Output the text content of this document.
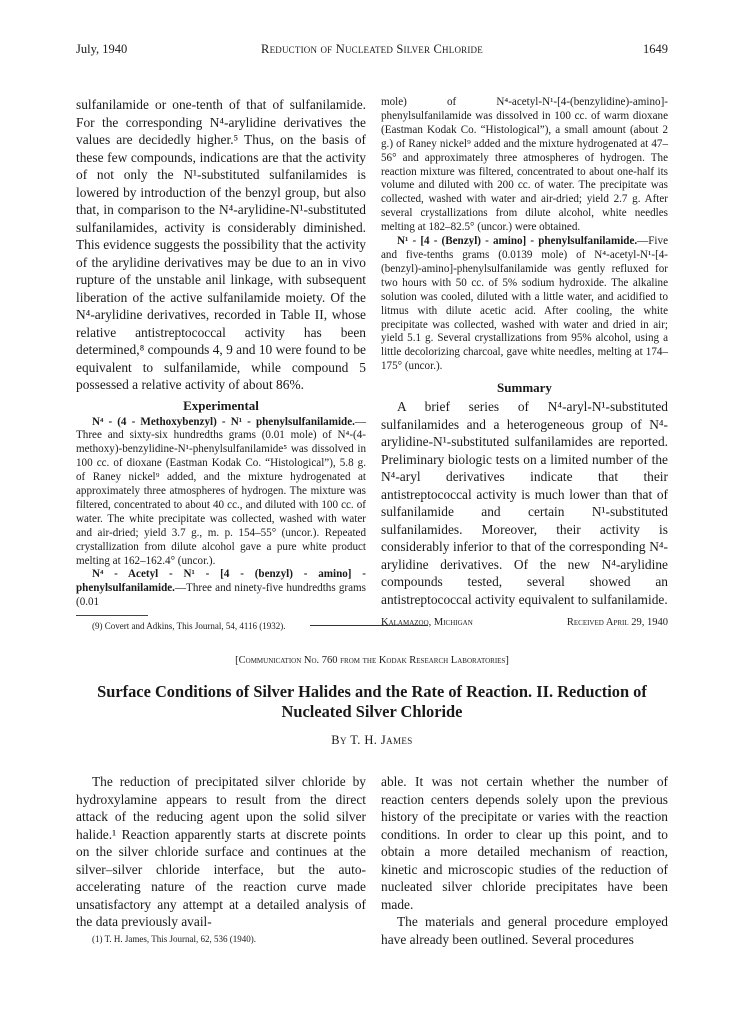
July, 1940	Reduction of Nucleated Silver Chloride	1649

sulfanilamide or one-tenth of that of sulfanilamide. For the corresponding N⁴-arylidine derivatives the values are decidedly higher.⁵ Thus, on the basis of these few compounds, indications are that the activity of not only the N¹-substituted sulfanilamides is lowered by introduction of the benzyl group, but also that, in comparison to the N⁴-arylidine-N¹-substituted sulfanilamides, activity is considerably diminished. This evidence suggests the possibility that the activity of the arylidine derivatives may be due to an in vivo rupture of the unstable anil linkage, with subsequent liberation of the active sulfanilamide moiety. Of the N⁴-arylidine derivatives, recorded in Table II, whose relative antistreptococcal activity has been determined,⁸ compounds 4, 9 and 10 were found to be equivalent to sulfanilamide, while compound 5 possessed a relative activity of about 86%.

Experimental

N⁴ - (4 - Methoxybenzyl) - N¹ - phenylsulfanilamide.—Three and sixty-six hundredths grams (0.01 mole) of N⁴-(4-methoxy)-benzylidine-N¹-phenylsulfanilamide⁵ was dissolved in 100 cc. of dioxane (Eastman Kodak Co. “Histological”), 5.8 g. of Raney nickel⁹ added, and the mixture hydrogenated at approximately three atmospheres of hydrogen. The mixture was filtered, concentrated to about 40 cc., and diluted with 100 cc. of water. The white precipitate was collected, washed with water and air-dried; yield 3.7 g., m. p. 154–55° (uncor.). Repeated crystallization from dilute alcohol gave a pure white product melting at 162–162.4° (uncor.).

N⁴ - Acetyl - N¹ - [4 - (benzyl) - amino] - phenylsulfanilamide.—Three and ninety-five hundredths grams (0.01

(9) Covert and Adkins, This Journal, 54, 4116 (1932).

mole) of N⁴-acetyl-N¹-[4-(benzylidine)-amino]-phenylsulfanilamide was dissolved in 100 cc. of warm dioxane (Eastman Kodak Co. “Histological”), a small amount (about 2 g.) of Raney nickel⁹ added and the mixture hydrogenated at 47–56° and approximately three atmospheres of hydrogen. The reaction mixture was filtered, concentrated to about one-half its volume and diluted with 200 cc. of water. The precipitate was collected, washed with water and air-dried; yield 2.7 g. After several crystallizations from dilute alcohol, white needles melting at 182–82.5° (uncor.) were obtained.

N¹ - [4 - (Benzyl) - amino] - phenylsulfanilamide.—Five and five-tenths grams (0.0139 mole) of N⁴-acetyl-N¹-[4-(benzyl)-amino]-phenylsulfanilamide was gently refluxed for two hours with 50 cc. of 5% sodium hydroxide. The alkaline solution was cooled, diluted with a little water, and acidified to litmus with dilute acetic acid. After cooling, the white precipitate was collected, washed with water and dried in air; yield 5.1 g. Several crystallizations from 95% alcohol, using a little decolorizing charcoal, gave white needles, melting at 174–175° (uncor.).

Summary

A brief series of N⁴-aryl-N¹-substituted sulfanilamides and a heterogeneous group of N⁴-arylidine-N¹-substituted sulfanilamides are reported. Preliminary biologic tests on a limited number of the N⁴-aryl derivatives indicate that their antistreptococcal activity is much lower than that of sulfanilamide and certain N¹-substituted sulfanilamides. Moreover, their activity is considerably inferior to that of the corresponding N⁴-arylidine derivatives. Of the new N⁴-arylidine compounds tested, several showed an antistreptococcal activity equivalent to sulfanilamide.

Kalamazoo, Michigan	Received April 29, 1940
[Communication No. 760 from the Kodak Research Laboratories]
Surface Conditions of Silver Halides and the Rate of Reaction. II. Reduction of
Nucleated Silver Chloride
By T. H. James

The reduction of precipitated silver chloride by hydroxylamine appears to result from the direct attack of the reducing agent upon the solid silver halide.¹ Reaction apparently starts at discrete points on the silver chloride surface and continues at the silver–silver chloride interface, but the auto-accelerating nature of the reaction curve made unsatisfactory any attempt at a detailed analysis of the data previously avail-

(1) T. H. James, This Journal, 62, 536 (1940).

able. It was not certain whether the number of reaction centers depends solely upon the previous history of the precipitate or varies with the reaction conditions. In order to clear up this point, and to obtain a more detailed mechanism of reaction, kinetic and microscopic studies of the reduction of nucleated silver chloride precipitates have been made.

The materials and general procedure employed have already been outlined. Several procedures
